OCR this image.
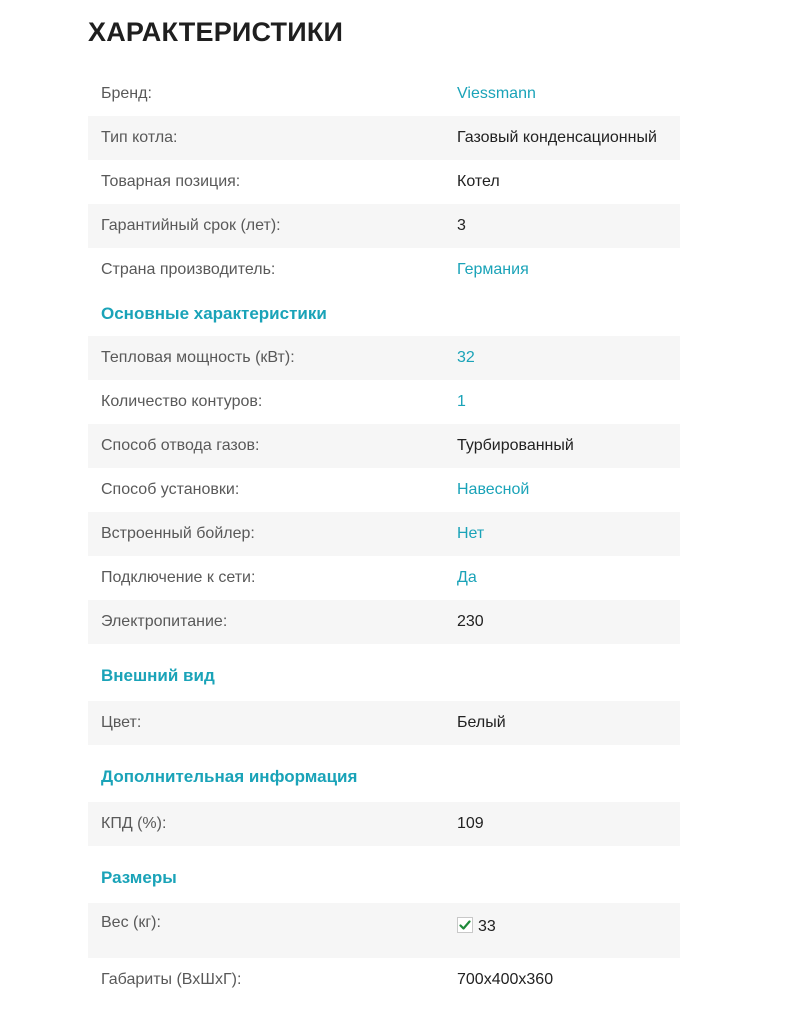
ХАРАКТЕРИСТИКИ
Бренд:	Viessmann
Тип котла:	Газовый конденсационный
Товарная позиция:	Котел
Гарантийный срок (лет):	3
Страна производитель:	Германия
Основные характеристики
Тепловая мощность (кВт):	32
Количество контуров:	1
Способ отвода газов:	Турбированный
Способ установки:	Навесной
Встроенный бойлер:	Нет
Подключение к сети:	Да
Электропитание:	230
Внешний вид
Цвет:	Белый
Дополнительная информация
КПД (%):	109
Размеры
Вес (кг):	33
Габариты (ВхШхГ):	700x400x360
